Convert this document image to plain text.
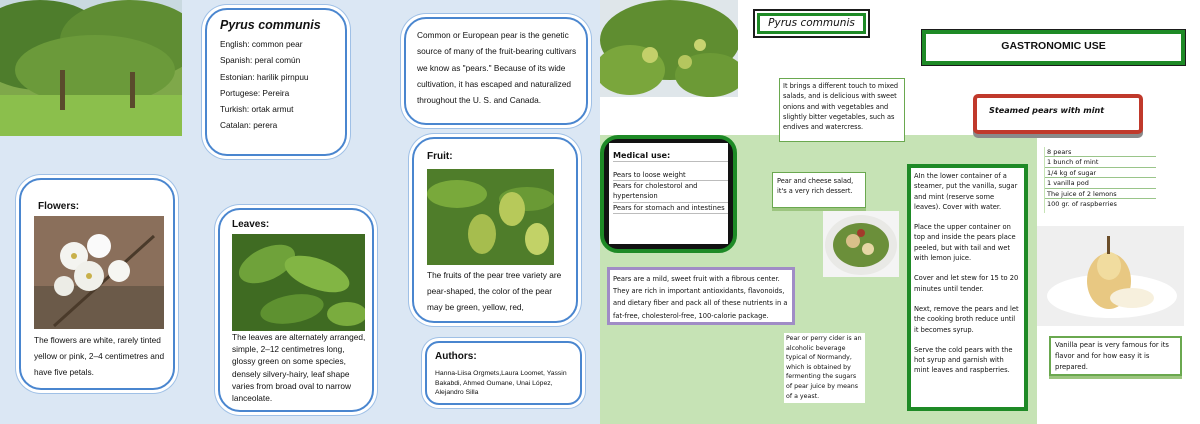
Pyrus communis
English: common pear
Spanish: peral común
Estonian: harilik pirnpuu
Portugese: Pereira
Turkish: ortak armut
Catalan: perera

Common or European pear is the genetic source of many of the fruit-bearing cultivars we know as "pears." Because of its wide cultivation, it has escaped and naturalized throughout the U. S. and Canada.

Flowers:

The flowers are white, rarely tinted yellow or pink, 2–4 centimetres and have five petals.

Leaves:

The leaves are alternately arranged, simple, 2–12 centimetres long, glossy green on some species, densely silvery-hairy, leaf shape varies from broad oval to narrow lanceolate.

Fruit:

The fruits of the pear tree variety are pear-shaped, the color of the pear may be green, yellow, red,

Authors:

Hanna-Liisa Orgmets,Laura Loomet, Yassin Bakabdi, Ahmed Oumane, Unai López, Alejandro Silla

Pyrus communis
GASTRONOMIC USE
It brings a different touch to mixed salads, and is delicious with sweet onions and with vegetables and slightly bitter vegetables, such as endives and watercress.
Steamed pears with mint
Medical use:
Pears to loose weight
Pears for cholestorol and hypertension
Pears for stomach and intestines
Pear and cheese salad, it's a very rich dessert.
8 pears
1 bunch of mint
1/4 kg of sugar
1 vanilla pod
The juice of 2 lemons
100 gr. of raspberries

AIn the lower container of a steamer, put the vanilla, sugar and mint (reserve some leaves). Cover with water.

Place the upper container on top and inside the pears place peeled, but with tail and wet with lemon juice.

Cover and let stew for 15 to 20 minutes until tender.

Next, remove the pears and let the cooking broth reduce until it becomes syrup.

Serve the cold pears with the hot syrup and garnish with mint leaves and raspberries.

Vanilla pear is very famous for its flavor and for how easy it is prepared.
Pears are a mild, sweet fruit with a fibrous center. They are rich in important antioxidants, flavonoids, and dietary fiber and pack all of these nutrients in a fat-free, cholesterol-free, 100-calorie package.
Pear or perry cider is an alcoholic beverage typical of Normandy, which is obtained by fermenting the sugars of pear juice by means of a yeast.
